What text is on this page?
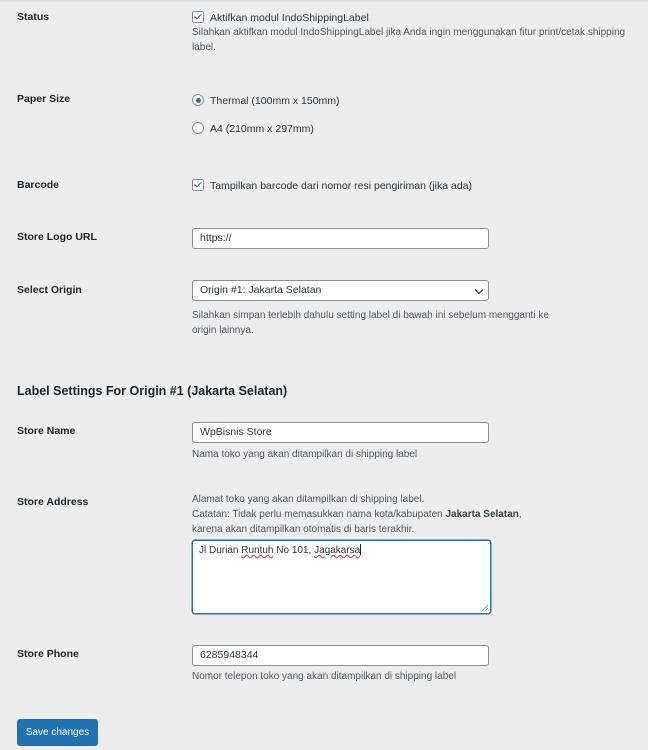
Status	Aktifkan modul IndoShippingLabel
Silahkan aktifkan modul IndoShippingLabel jika Anda ingin menggunakan fitur print/cetak shipping
label.
Paper Size	Thermal (100mm x 150mm)
A4 (210mm x 297mm)
Barcode	Tampilkan barcode dari nomor resi pengiriman (jika ada)
Store Logo URL	https://
Select Origin	Origin #1: Jakarta Selatan
Silahkan simpan terlebih dahulu setting label di bawah ini sebelum mengganti ke
origin lainnya.
Label Settings For Origin #1 (Jakarta Selatan)
Store Name	WpBisnis Store
Nama toko yang akan ditampilkan di shipping label
Store Address	Alamat toko yang akan ditampilkan di shipping label.
Catatan: Tidak perlu memasukkan nama kota/kabupaten Jakarta Selatan,
karena akan ditampilkan otomatis di baris terakhir.
Jl Durian Runtuh No 101, Jagakarsa
Store Phone	6285948344
Nomor telepon toko yang akan ditampilkan di shipping label
Save changes
